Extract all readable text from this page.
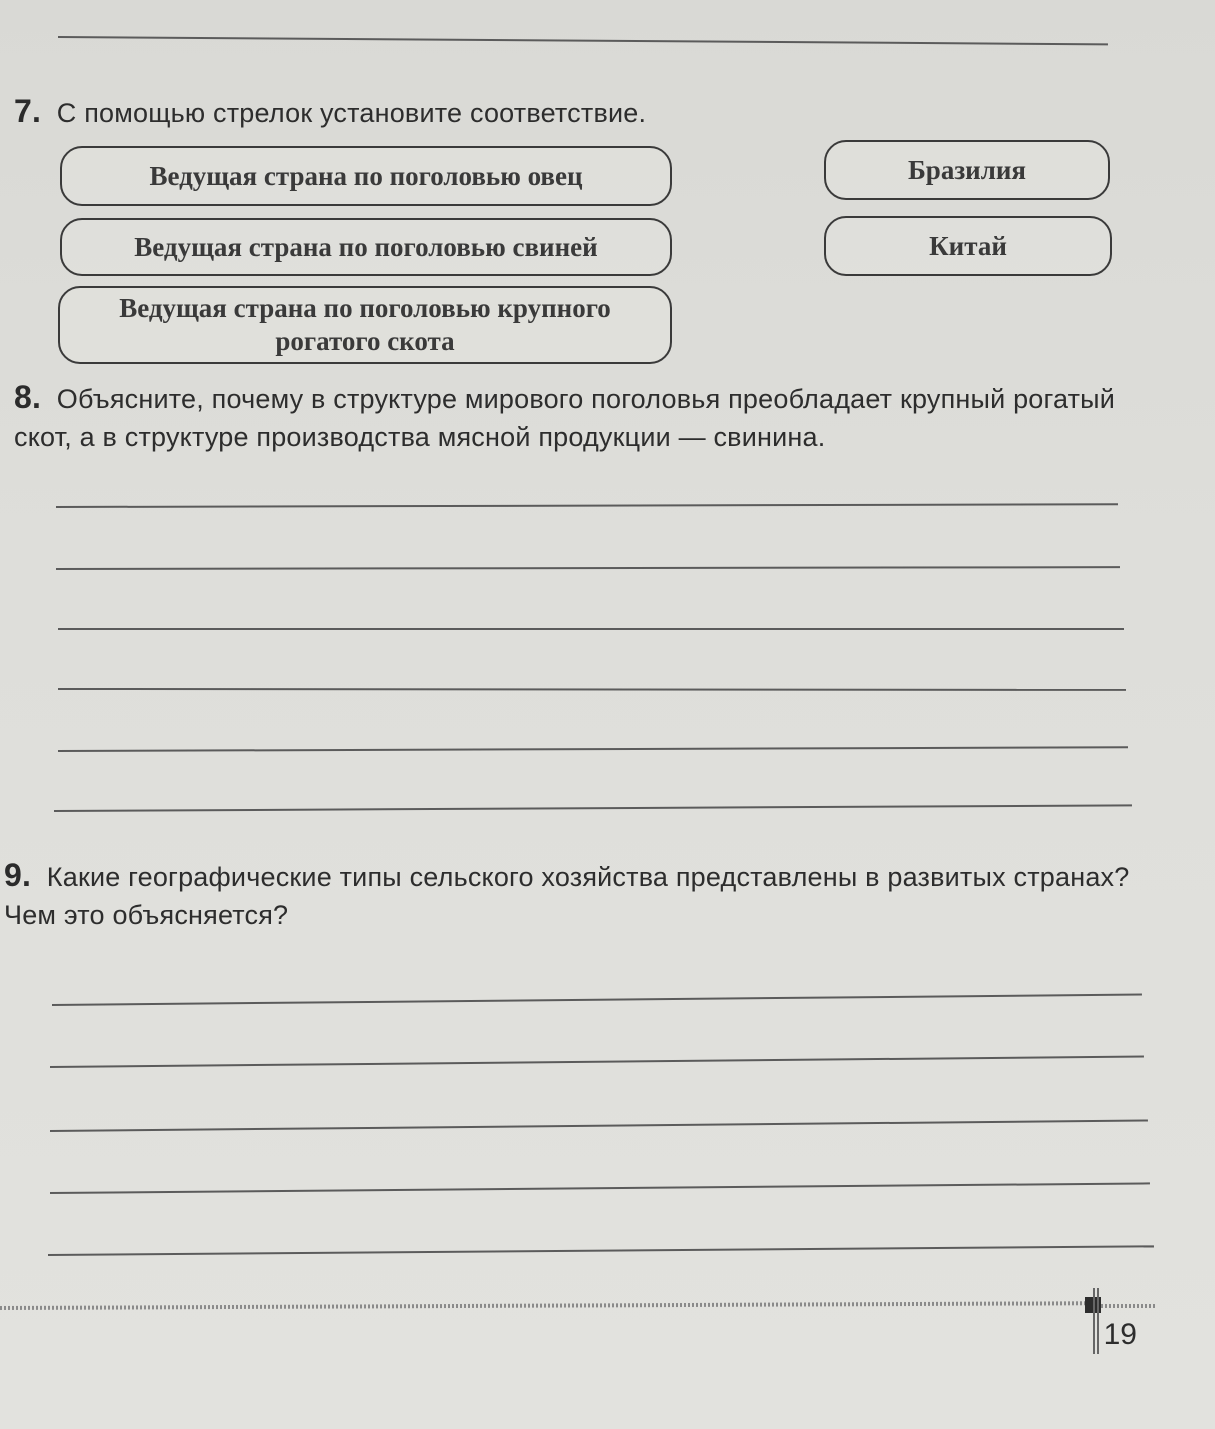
7. С помощью стрелок установите соответствие.
Ведущая страна по поголовью овец
Ведущая страна по поголовью свиней
Ведущая страна по поголовью крупного рогатого скота
Бразилия
Китай
8. Объясните, почему в структуре мирового поголовья преобладает крупный рогатый скот, а в структуре производства мясной продукции — свинина.
9. Какие географические типы сельского хозяйства представлены в развитых странах? Чем это объясняется?
19
